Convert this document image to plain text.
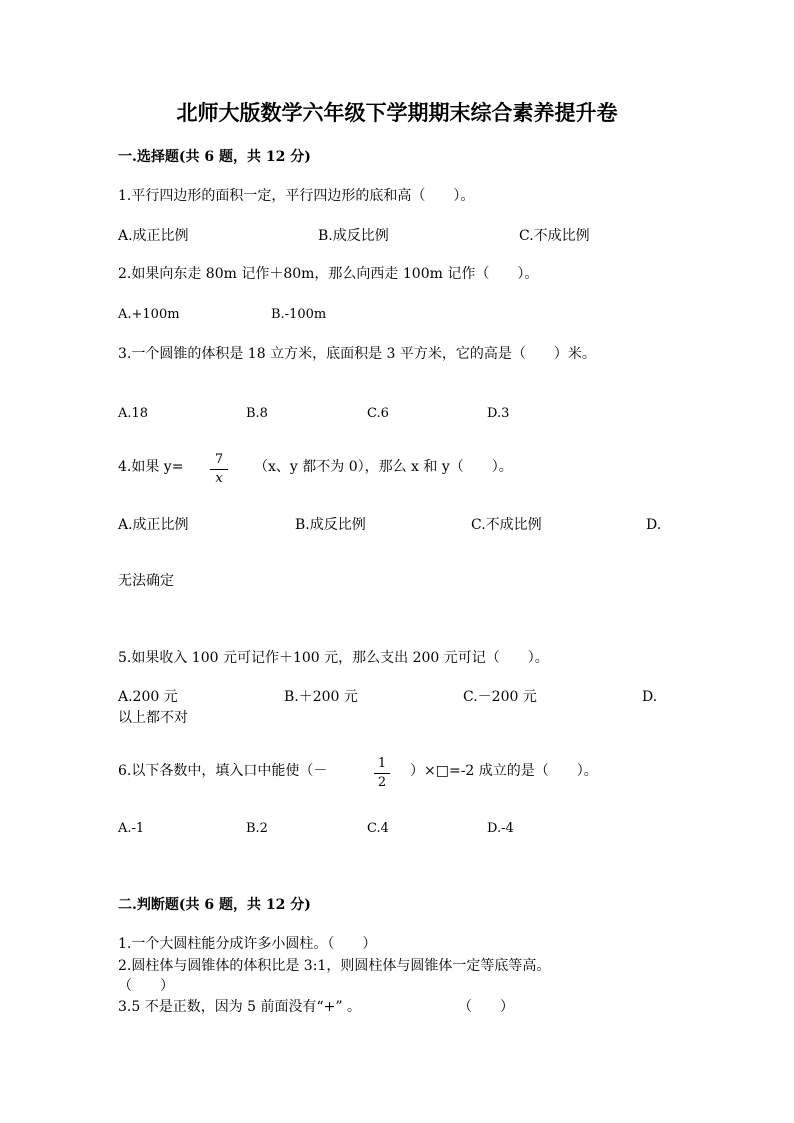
北师大版数学六年级下学期期末综合素养提升卷
一.选择题(共 6 题，共 12 分)
1.平行四边形的面积一定，平行四边形的底和高（　　）。
A.成正比例	B.成反比例	C.不成比例
2.如果向东走 80m 记作＋80m，那么向西走 100m 记作（　　）。
A.+100m	B.-100m
3.一个圆锥的体积是 18 立方米，底面积是 3 平方米，它的高是（　　）米。
A.18	B.8	C.6	D.3
4.如果 y=	7
x
（x、y 都不为 0），那么 x 和 y（　　）。
A.成正比例	B.成反比例	C.不成比例	D.
无法确定
5.如果收入 100 元可记作＋100 元，那么支出 200 元可记（　　）。
A.200 元	B.＋200 元	C.－200 元	D.
以上都不对
6.以下各数中，填入口中能使（－	1
2
）×□=-2 成立的是（　　）。
A.-1	B.2	C.4	D.-4
二.判断题(共 6 题，共 12 分)
1.一个大圆柱能分成许多小圆柱。（　　）
2.圆柱体与圆锥体的体积比是 3:1，则圆柱体与圆锥体一定等底等高。
（　　）
3.5 不是正数，因为 5 前面没有“+” 。	（　　）
